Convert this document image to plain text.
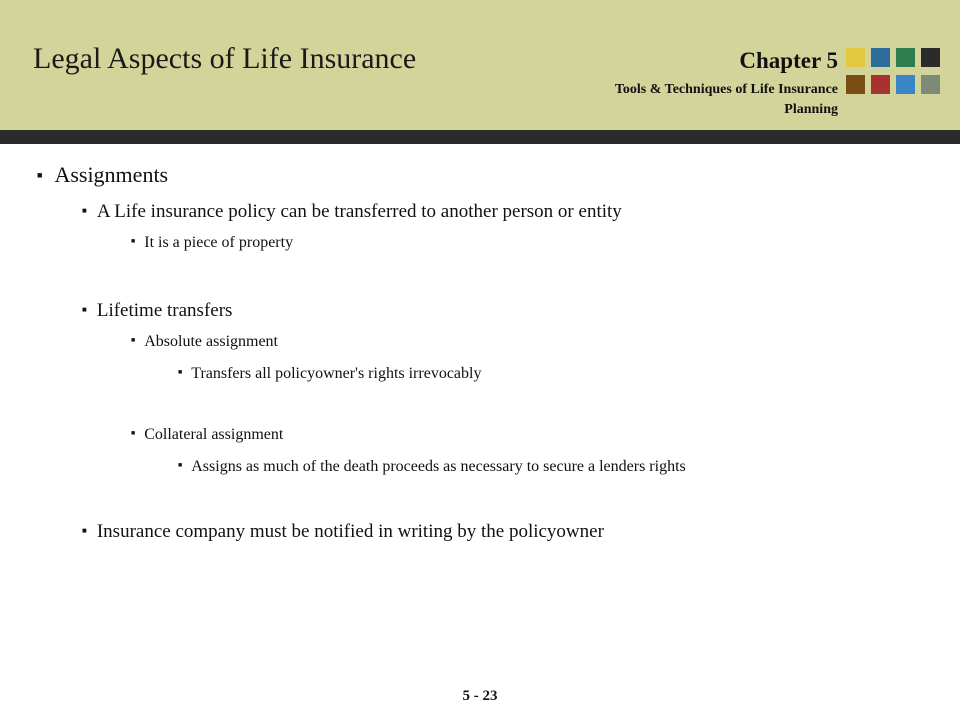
Legal Aspects of Life Insurance	Chapter 5
Tools & Techniques of Life Insurance Planning
■ Assignments
■ A Life insurance policy can be transferred to another person or entity
■ It is a piece of property
■ Lifetime transfers
■ Absolute assignment
■ Transfers all policyowner's rights irrevocably
■ Collateral assignment
■ Assigns as much of the death proceeds as necessary to secure a lenders rights
■ Insurance company must be notified in writing by the policyowner
5 - 23
